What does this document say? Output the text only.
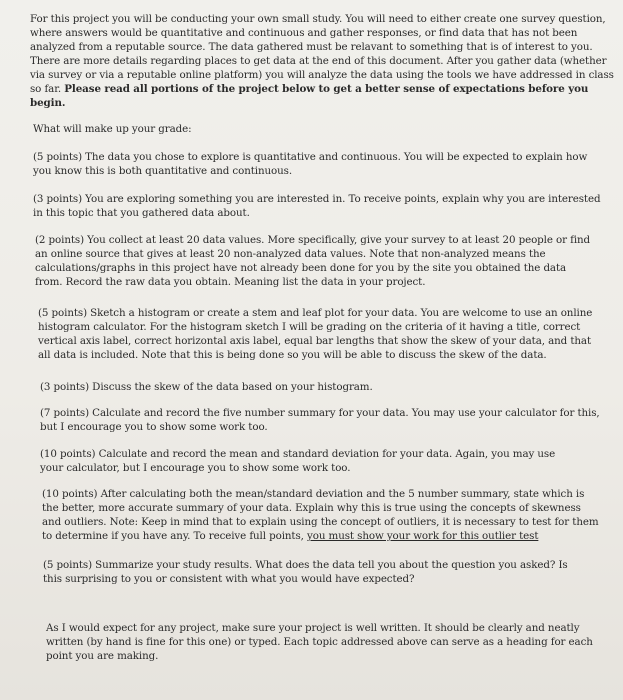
For this project you will be conducting your own small study. You will need to either create one survey question, where answers would be quantitative and continuous and gather responses, or find data that has not been analyzed from a reputable source. The data gathered must be relavant to something that is of interest to you. There are more details regarding places to get data at the end of this document. After you gather data (whether via survey or via a reputable online platform) you will analyze the data using the tools we have addressed in class so far. Please read all portions of the project below to get a better sense of expectations before you begin.

What will make up your grade:

(5 points) The data you chose to explore is quantitative and continuous. You will be expected to explain how you know this is both quantitative and continuous.

(3 points) You are exploring something you are interested in. To receive points, explain why you are interested in this topic that you gathered data about.

(2 points) You collect at least 20 data values. More specifically, give your survey to at least 20 people or find an online source that gives at least 20 non-analyzed data values. Note that non-analyzed means the calculations/graphs in this project have not already been done for you by the site you obtained the data from. Record the raw data you obtain. Meaning list the data in your project.

(5 points) Sketch a histogram or create a stem and leaf plot for your data. You are welcome to use an online histogram calculator. For the histogram sketch I will be grading on the criteria of it having a title, correct vertical axis label, correct horizontal axis label, equal bar lengths that show the skew of your data, and that all data is included. Note that this is being done so you will be able to discuss the skew of the data.

(3 points) Discuss the skew of the data based on your histogram.

(7 points) Calculate and record the five number summary for your data. You may use your calculator for this, but I encourage you to show some work too.

(10 points) Calculate and record the mean and standard deviation for your data. Again, you may use your calculator, but I encourage you to show some work too.

(10 points) After calculating both the mean/standard deviation and the 5 number summary, state which is the better, more accurate summary of your data. Explain why this is true using the concepts of skewness and outliers. Note: Keep in mind that to explain using the concept of outliers, it is necessary to test for them to determine if you have any. To receive full points, you must show your work for this outlier test

(5 points) Summarize your study results. What does the data tell you about the question you asked? Is this surprising to you or consistent with what you would have expected?

As I would expect for any project, make sure your project is well written. It should be clearly and neatly written (by hand is fine for this one) or typed. Each topic addressed above can serve as a heading for each point you are making.
